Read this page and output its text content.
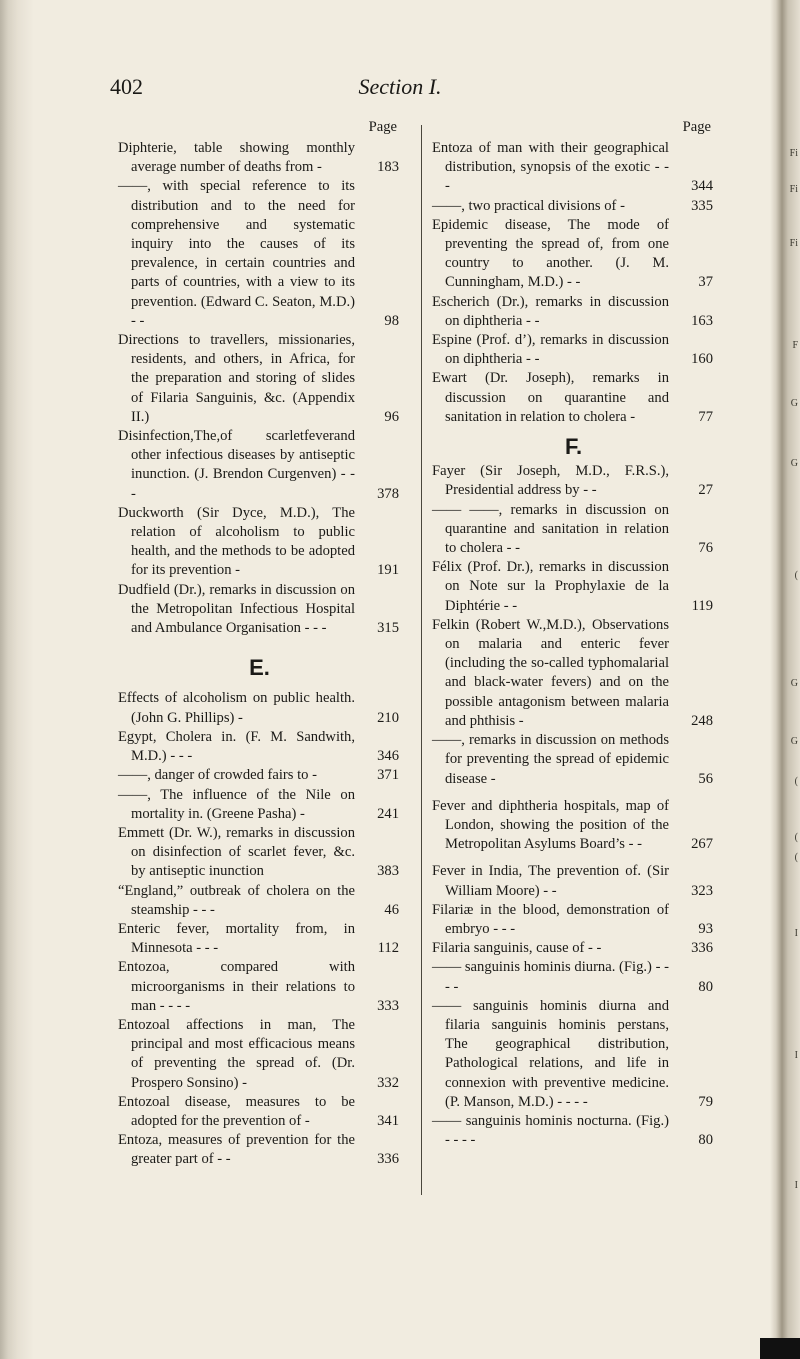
Fi
Fi
Fi
F
G
G
(
G
G
(
(
(
I
I
I
402	Section I.
Page
Diphterie, table showing monthly average number of deaths from -	183
——, with special reference to its distribution and to the need for comprehensive and systematic inquiry into the causes of its prevalence, in certain countries and parts of countries, with a view to its prevention. (Edward C. Seaton, M.D.) - -	98
Directions to travellers, missionaries, residents, and others, in Africa, for the preparation and storing of slides of Filaria Sanguinis, &c. (Appendix II.)	96
Disinfection,The,of scarletfeverand other infectious diseases by antiseptic inunction. (J. Brendon Curgenven) - - -	378
Duckworth (Sir Dyce, M.D.), The relation of alcoholism to public health, and the methods to be adopted for its prevention -	191
Dudfield (Dr.), remarks in discussion on the Metropolitan Infectious Hospital and Ambulance Organisation - - -	315
E.
Effects of alcoholism on public health. (John G. Phillips) -	210
Egypt, Cholera in. (F. M. Sandwith, M.D.) - - -	346
——, danger of crowded fairs to -	371
——, The influence of the Nile on mortality in. (Greene Pasha) -	241
Emmett (Dr. W.), remarks in discussion on disinfection of scarlet fever, &c. by antiseptic inunction	383
“England,” outbreak of cholera on the steamship - - -	46
Enteric fever, mortality from, in Minnesota - - -	112
Entozoa, compared with microorganisms in their relations to man - - - -	333
Entozoal affections in man, The principal and most efficacious means of preventing the spread of. (Dr. Prospero Sonsino) -	332
Entozoal disease, measures to be adopted for the prevention of -	341
Entoza, measures of prevention for the greater part of - -	336
Page
Entoza of man with their geographical distribution, synopsis of the exotic - - -	344
——, two practical divisions of -	335
Epidemic disease, The mode of preventing the spread of, from one country to another. (J. M. Cunningham, M.D.) - -	37
Escherich (Dr.), remarks in discussion on diphtheria - -	163
Espine (Prof. d’), remarks in discussion on diphtheria - -	160
Ewart (Dr. Joseph), remarks in discussion on quarantine and sanitation in relation to cholera -	77
F.
Fayer (Sir Joseph, M.D., F.R.S.), Presidential address by - -	27
—— ——, remarks in discussion on quarantine and sanitation in relation to cholera - -	76
Félix (Prof. Dr.), remarks in discussion on Note sur la Prophylaxie de la Diphtérie - -	119
Felkin (Robert W.,M.D.), Observations on malaria and enteric fever (including the so-called typhomalarial and black-water fevers) and on the possible antagonism between malaria and phthisis -	248
——, remarks in discussion on methods for preventing the spread of epidemic disease -	56
Fever and diphtheria hospitals, map of London, showing the position of the Metropolitan Asylums Board’s - -	267
Fever in India, The prevention of. (Sir William Moore) - -	323
Filariæ in the blood, demonstration of embryo - - -	93
Filaria sanguinis, cause of - -	336
—— sanguinis hominis diurna. (Fig.) - - - -	80
—— sanguinis hominis diurna and filaria sanguinis hominis perstans, The geographical distribution, Pathological relations, and life in connexion with preventive medicine. (P. Manson, M.D.) - - - -	79
—— sanguinis hominis nocturna. (Fig.) - - - -	80
